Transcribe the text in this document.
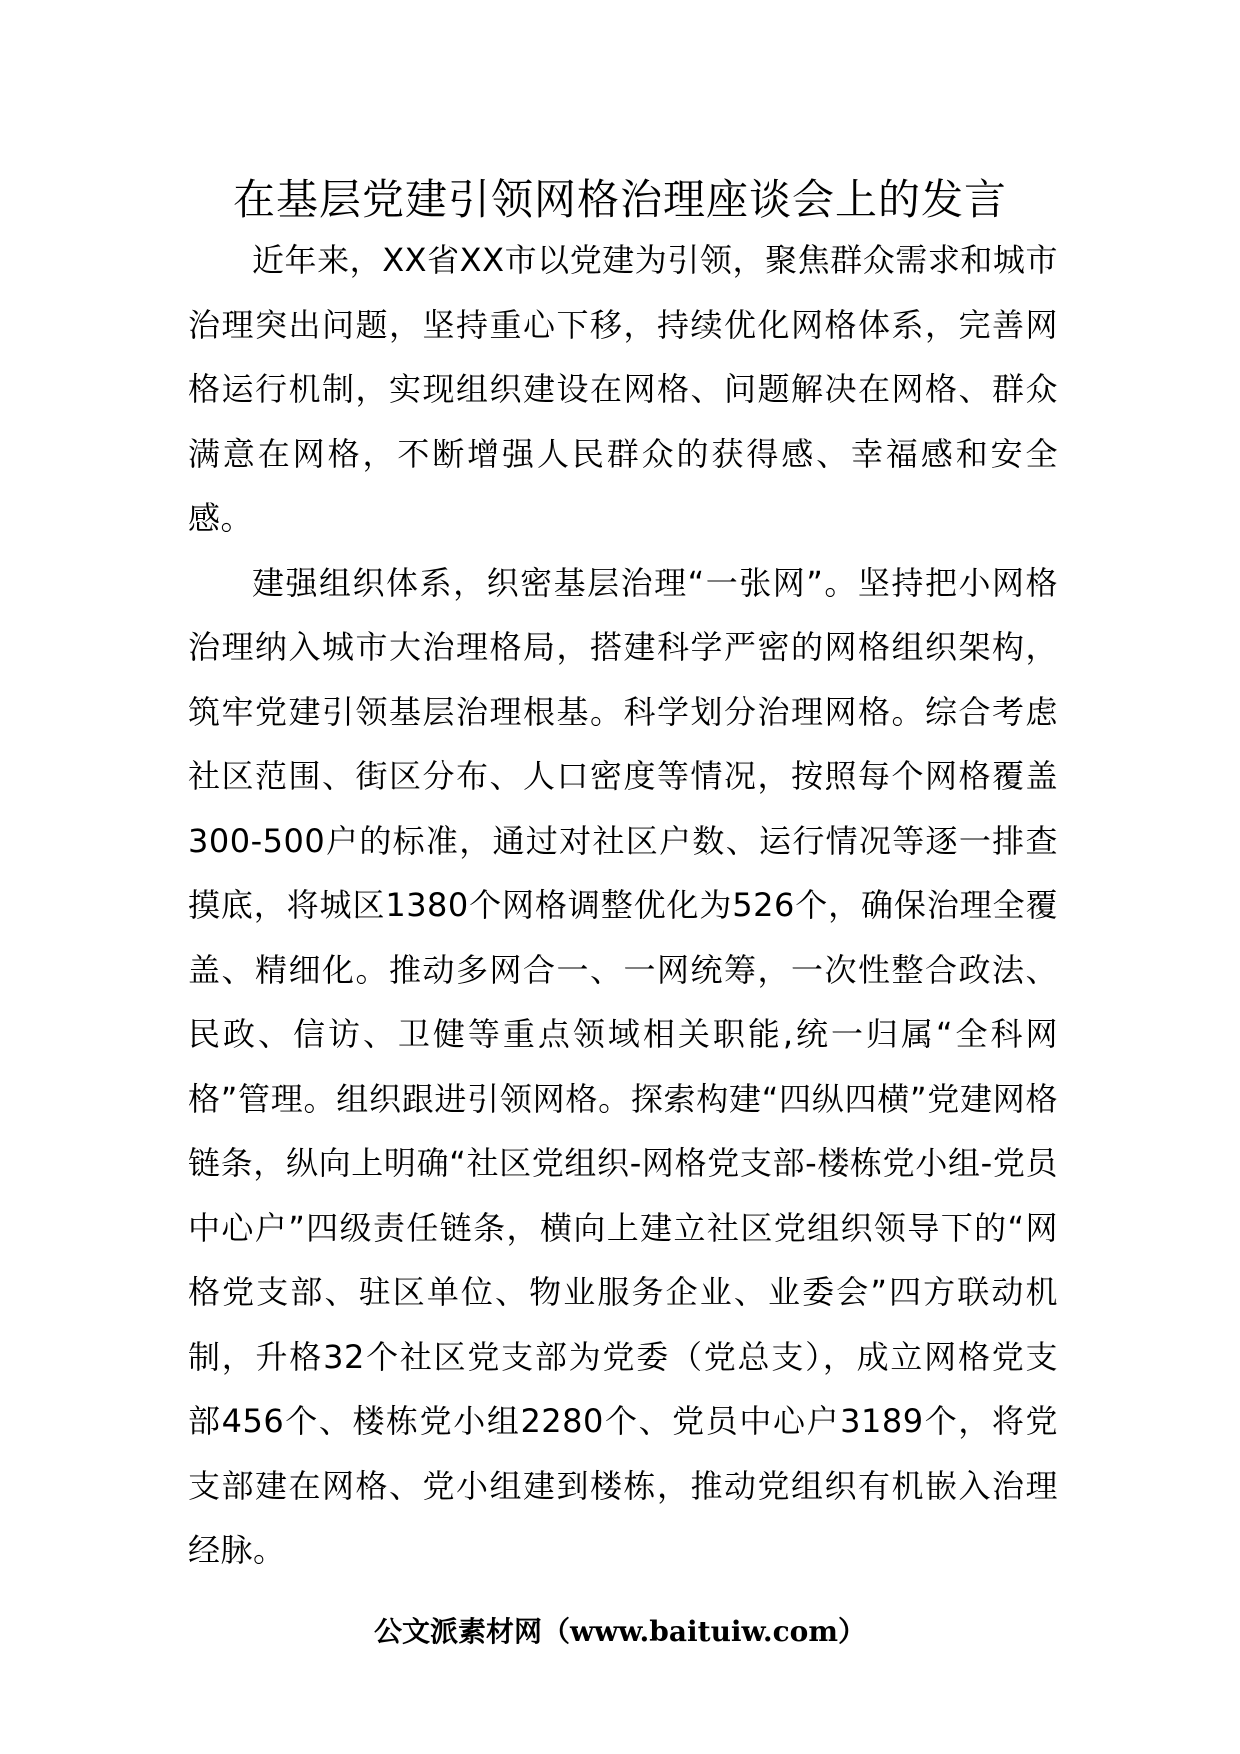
在基层党建引领网格治理座谈会上的发言

近年来，XX省XX市以党建为引领，聚焦群众需求和城市治理突出问题，坚持重心下移，持续优化网格体系，完善网格运行机制，实现组织建设在网格、问题解决在网格、群众满意在网格，不断增强人民群众的获得感、幸福感和安全感。

建强组织体系，织密基层治理“一张网”。坚持把小网格治理纳入城市大治理格局，搭建科学严密的网格组织架构，筑牢党建引领基层治理根基。科学划分治理网格。综合考虑社区范围、街区分布、人口密度等情况，按照每个网格覆盖300-500户的标准，通过对社区户数、运行情况等逐一排查摸底，将城区1380个网格调整优化为526个，确保治理全覆盖、精细化。推动多网合一、一网统筹，一次性整合政法、民政、信访、卫健等重点领域相关职能,统一归属“全科网格”管理。组织跟进引领网格。探索构建“四纵四横”党建网格链条，纵向上明确“社区党组织-网格党支部-楼栋党小组-党员中心户”四级责任链条，横向上建立社区党组织领导下的“网格党支部、驻区单位、物业服务企业、业委会”四方联动机制，升格32个社区党支部为党委（党总支），成立网格党支部456个、楼栋党小组2280个、党员中心户3189个，将党支部建在网格、党小组建到楼栋，推动党组织有机嵌入治理经脉。

公文派素材网（www.baituiw.com）
